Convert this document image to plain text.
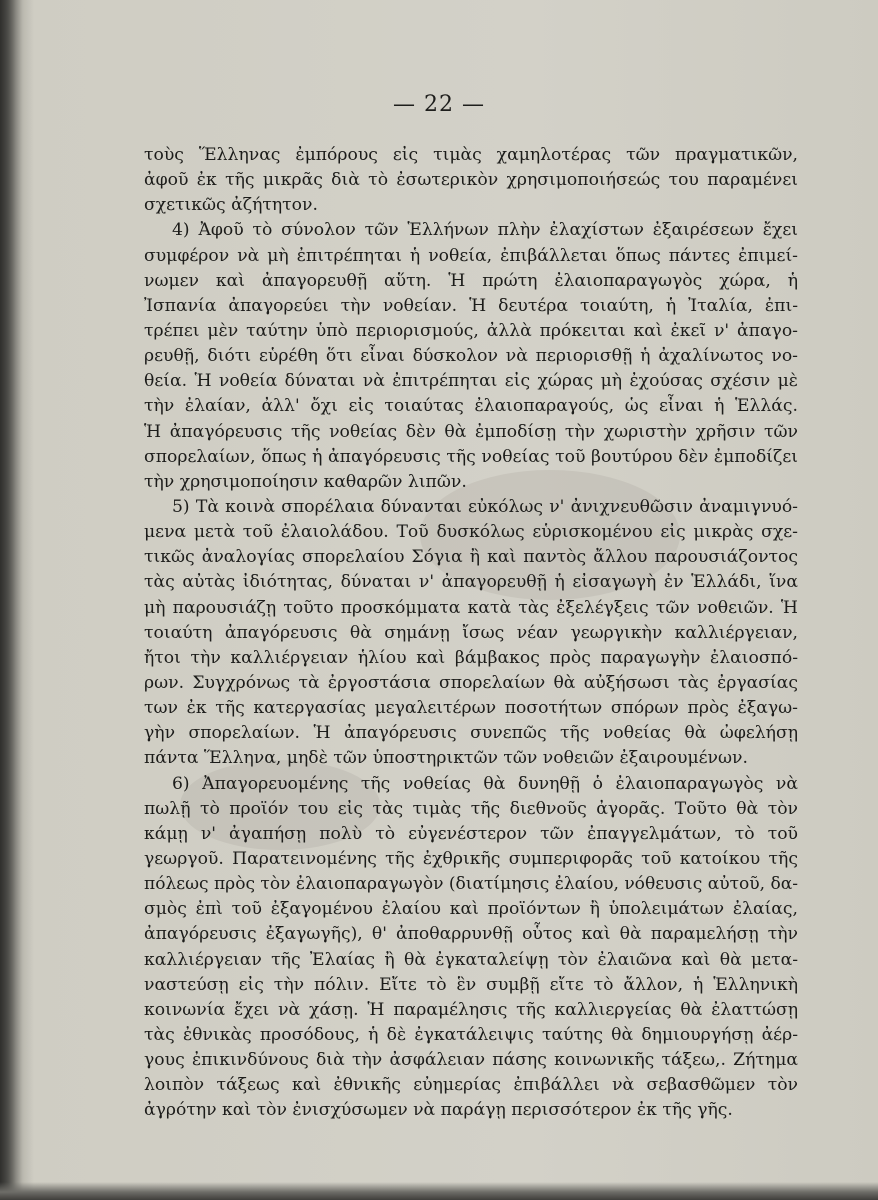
— 22 —
τοὺς Ἕλληνας ἐμπόρους εἰς τιμὰς χαμηλοτέρας τῶν πραγματικῶν,
ἀφοῦ ἐκ τῆς μικρᾶς διὰ τὸ ἐσωτερικὸν χρησιμοποιήσεώς του παραμένει
σχετικῶς ἀζήτητον.
4) Ἀφοῦ τὸ σύνολον τῶν Ἑλλήνων πλὴν ἐλαχίστων ἐξαιρέσεων ἔχει
συμφέρον νὰ μὴ ἐπιτρέπηται ἡ νοθεία, ἐπιβάλλεται ὅπως πάντες ἐπιμεί-
νωμεν καὶ ἀπαγορευθῇ αὕτη. Ἡ πρώτη ἐλαιοπαραγωγὸς χώρα, ἡ
Ἰσπανία ἀπαγορεύει τὴν νοθείαν. Ἡ δευτέρα τοιαύτη, ἡ Ἰταλία, ἐπι-
τρέπει μὲν ταύτην ὑπὸ περιορισμούς, ἀλλὰ πρόκειται καὶ ἐκεῖ ν' ἀπαγο-
ρευθῇ, διότι εὑρέθη ὅτι εἶναι δύσκολον νὰ περιορισθῇ ἡ ἀχαλίνωτος νο-
θεία. Ἡ νοθεία δύναται νὰ ἐπιτρέπηται εἰς χώρας μὴ ἐχούσας σχέσιν μὲ
τὴν ἐλαίαν, ἀλλ' ὄχι εἰς τοιαύτας ἐλαιοπαραγούς, ὡς εἶναι ἡ Ἑλλάς.
Ἡ ἀπαγόρευσις τῆς νοθείας δὲν θὰ ἐμποδίσῃ τὴν χωριστὴν χρῆσιν τῶν
σπορελαίων, ὅπως ἡ ἀπαγόρευσις τῆς νοθείας τοῦ βουτύρου δὲν ἐμποδίζει
τὴν χρησιμοποίησιν καθαρῶν λιπῶν.
5) Τὰ κοινὰ σπορέλαια δύνανται εὐκόλως ν' ἀνιχνευθῶσιν ἀναμιγνυό-
μενα μετὰ τοῦ ἐλαιολάδου. Τοῦ δυσκόλως εὑρισκομένου εἰς μικρὰς σχε-
τικῶς ἀναλογίας σπορελαίου Σόγια ἢ καὶ παντὸς ἄλλου παρουσιάζοντος
τὰς αὐτὰς ἰδιότητας, δύναται ν' ἀπαγορευθῇ ἡ εἰσαγωγὴ ἐν Ἑλλάδι, ἵνα
μὴ παρουσιάζῃ τοῦτο προσκόμματα κατὰ τὰς ἐξελέγξεις τῶν νοθειῶν. Ἡ
τοιαύτη ἀπαγόρευσις θὰ σημάνῃ ἴσως νέαν γεωργικὴν καλλιέργειαν,
ἤτοι τὴν καλλιέργειαν ἡλίου καὶ βάμβακος πρὸς παραγωγὴν ἐλαιοσπό-
ρων. Συγχρόνως τὰ ἐργοστάσια σπορελαίων θὰ αὐξήσωσι τὰς ἐργασίας
των ἐκ τῆς κατεργασίας μεγαλειτέρων ποσοτήτων σπόρων πρὸς ἐξαγω-
γὴν σπορελαίων. Ἡ ἀπαγόρευσις συνεπῶς τῆς νοθείας θὰ ὠφελήσῃ
πάντα Ἕλληνα, μηδὲ τῶν ὑποστηρικτῶν τῶν νοθειῶν ἐξαιρουμένων.
6) Ἀπαγορευομένης τῆς νοθείας θὰ δυνηθῇ ὁ ἐλαιοπαραγωγὸς νὰ
πωλῇ τὸ προϊόν του εἰς τὰς τιμὰς τῆς διεθνοῦς ἀγορᾶς. Τοῦτο θὰ τὸν
κάμῃ ν' ἀγαπήσῃ πολὺ τὸ εὐγενέστερον τῶν ἐπαγγελμάτων, τὸ τοῦ
γεωργοῦ. Παρατεινομένης τῆς ἐχθρικῆς συμπεριφορᾶς τοῦ κατοίκου τῆς
πόλεως πρὸς τὸν ἐλαιοπαραγωγὸν (διατίμησις ἐλαίου, νόθευσις αὐτοῦ, δα-
σμὸς ἐπὶ τοῦ ἐξαγομένου ἐλαίου καὶ προϊόντων ἢ ὑπολειμάτων ἐλαίας,
ἀπαγόρευσις ἐξαγωγῆς), θ' ἀποθαρρυνθῇ οὗτος καὶ θὰ παραμελήσῃ τὴν
καλλιέργειαν τῆς Ἐλαίας ἢ θὰ ἐγκαταλείψῃ τὸν ἐλαιῶνα καὶ θὰ μετα-
ναστεύσῃ εἰς τὴν πόλιν. Εἴτε τὸ ἓν συμβῇ εἴτε τὸ ἄλλον, ἡ Ἑλληνικὴ
κοινωνία ἔχει νὰ χάσῃ. Ἡ παραμέλησις τῆς καλλιεργείας θὰ ἐλαττώσῃ
τὰς ἐθνικὰς προσόδους, ἡ δὲ ἐγκατάλειψις ταύτης θὰ δημιουργήσῃ ἀέρ-
γους ἐπικινδύνους διὰ τὴν ἀσφάλειαν πάσης κοινωνικῆς τάξεω,. Ζήτημα
λοιπὸν τάξεως καὶ ἐθνικῆς εὐημερίας ἐπιβάλλει νὰ σεβασθῶμεν τὸν
ἀγρότην καὶ τὸν ἐνισχύσωμεν νὰ παράγῃ περισσότερον ἐκ τῆς γῆς.
